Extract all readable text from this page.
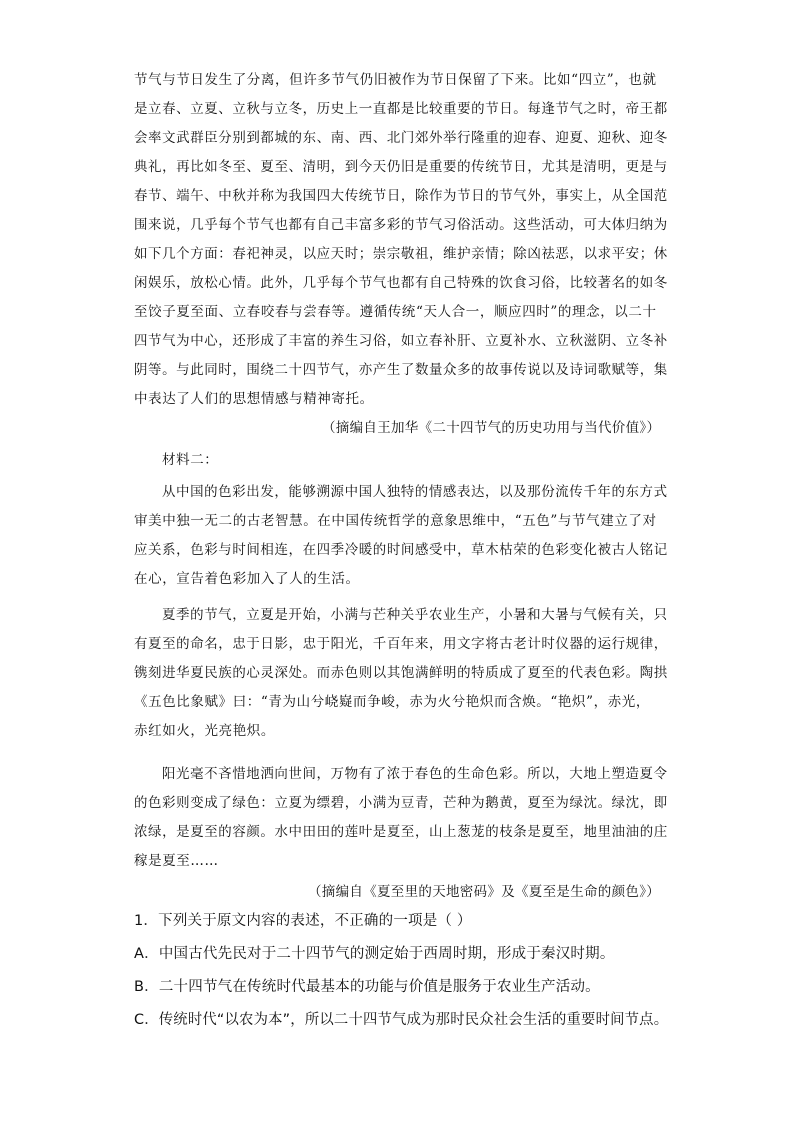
节气与节日发生了分离，但许多节气仍旧被作为节日保留了下来。比如“四立”，也就
是立春、立夏、立秋与立冬，历史上一直都是比较重要的节日。每逢节气之时，帝王都
会率文武群臣分别到都城的东、南、西、北门郊外举行隆重的迎春、迎夏、迎秋、迎冬
典礼，再比如冬至、夏至、清明，到今天仍旧是重要的传统节日，尤其是清明，更是与
春节、端午、中秋并称为我国四大传统节日，除作为节日的节气外，事实上，从全国范
围来说，几乎每个节气也都有自己丰富多彩的节气习俗活动。这些活动，可大体归纳为
如下几个方面：春祀神灵，以应天时；崇宗敬祖，维护亲情；除凶祛恶，以求平安；休
闲娱乐，放松心情。此外，几乎每个节气也都有自己特殊的饮食习俗，比较著名的如冬
至饺子夏至面、立春咬春与尝春等。遵循传统“天人合一，顺应四时”的理念，以二十
四节气为中心，还形成了丰富的养生习俗，如立春补肝、立夏补水、立秋滋阴、立冬补
阴等。与此同时，围绕二十四节气，亦产生了数量众多的故事传说以及诗词歌赋等，集
中表达了人们的思想情感与精神寄托。
（摘编自王加华《二十四节气的历史功用与当代价值》）
材料二：
从中国的色彩出发，能够溯源中国人独特的情感表达，以及那份流传千年的东方式
审美中独一无二的古老智慧。在中国传统哲学的意象思维中，“五色”与节气建立了对
应关系，色彩与时间相连，在四季冷暖的时间感受中，草木枯荣的色彩变化被古人铭记
在心，宣告着色彩加入了人的生活。
夏季的节气，立夏是开始，小满与芒种关乎农业生产，小暑和大暑与气候有关，只
有夏至的命名，忠于日影，忠于阳光，千百年来，用文字将古老计时仪器的运行规律，
镌刻进华夏民族的心灵深处。而赤色则以其饱满鲜明的特质成了夏至的代表色彩。陶拱
《五色比象赋》曰：“青为山兮峣嶷而争峻，赤为火兮艳炽而含焕。“艳炽”，赤光，
赤红如火，光亮艳炽。
阳光毫不吝惜地洒向世间，万物有了浓于春色的生命色彩。所以，大地上塑造夏令
的色彩则变成了绿色：立夏为缥碧，小满为豆青，芒种为鹅黄，夏至为绿沈。绿沈，即
浓绿，是夏至的容颜。水中田田的莲叶是夏至，山上葱茏的枝条是夏至，地里油油的庄
稼是夏至……
（摘编自《夏至里的天地密码》及《夏至是生命的颜色》）
1．下列关于原文内容的表述，不正确的一项是（ ）
A．中国古代先民对于二十四节气的测定始于西周时期，形成于秦汉时期。
B．二十四节气在传统时代最基本的功能与价值是服务于农业生产活动。
C．传统时代“以农为本”，所以二十四节气成为那时民众社会生活的重要时间节点。
